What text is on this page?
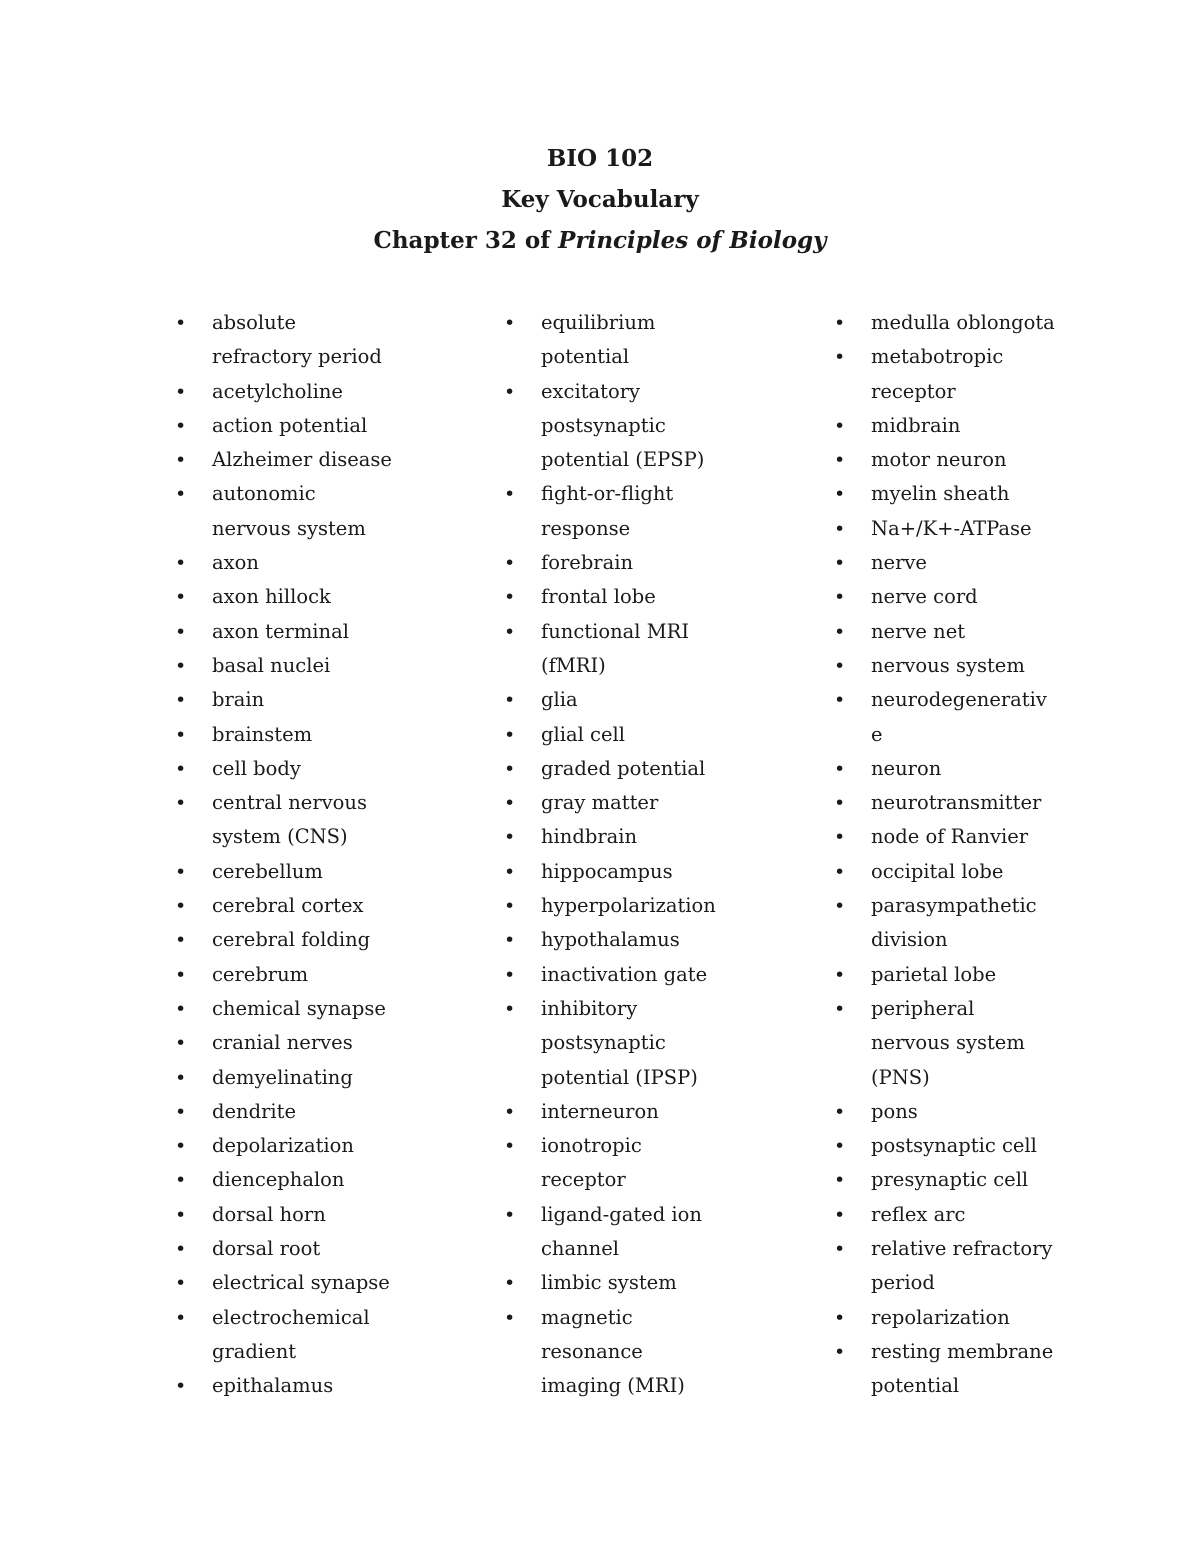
BIO 102
Key Vocabulary
Chapter 32 of Principles of Biology
• absolute
refractory period
• acetylcholine
• action potential
• Alzheimer disease
• autonomic
nervous system
• axon
• axon hillock
• axon terminal
• basal nuclei
• brain
• brainstem
• cell body
• central nervous
system (CNS)
• cerebellum
• cerebral cortex
• cerebral folding
• cerebrum
• chemical synapse
• cranial nerves
• demyelinating
• dendrite
• depolarization
• diencephalon
• dorsal horn
• dorsal root
• electrical synapse
• electrochemical
gradient
• epithalamus
• equilibrium
potential
• excitatory
postsynaptic
potential (EPSP)
• fight-or-flight
response
• forebrain
• frontal lobe
• functional MRI
(fMRI)
• glia
• glial cell
• graded potential
• gray matter
• hindbrain
• hippocampus
• hyperpolarization
• hypothalamus
• inactivation gate
• inhibitory
postsynaptic
potential (IPSP)
• interneuron
• ionotropic
receptor
• ligand-gated ion
channel
• limbic system
• magnetic
resonance
imaging (MRI)
• medulla oblongota
• metabotropic
receptor
• midbrain
• motor neuron
• myelin sheath
• Na+/K+-ATPase
• nerve
• nerve cord
• nerve net
• nervous system
• neurodegenerativ
e
• neuron
• neurotransmitter
• node of Ranvier
• occipital lobe
• parasympathetic
division
• parietal lobe
• peripheral
nervous system
(PNS)
• pons
• postsynaptic cell
• presynaptic cell
• reflex arc
• relative refractory
period
• repolarization
• resting membrane
potential
